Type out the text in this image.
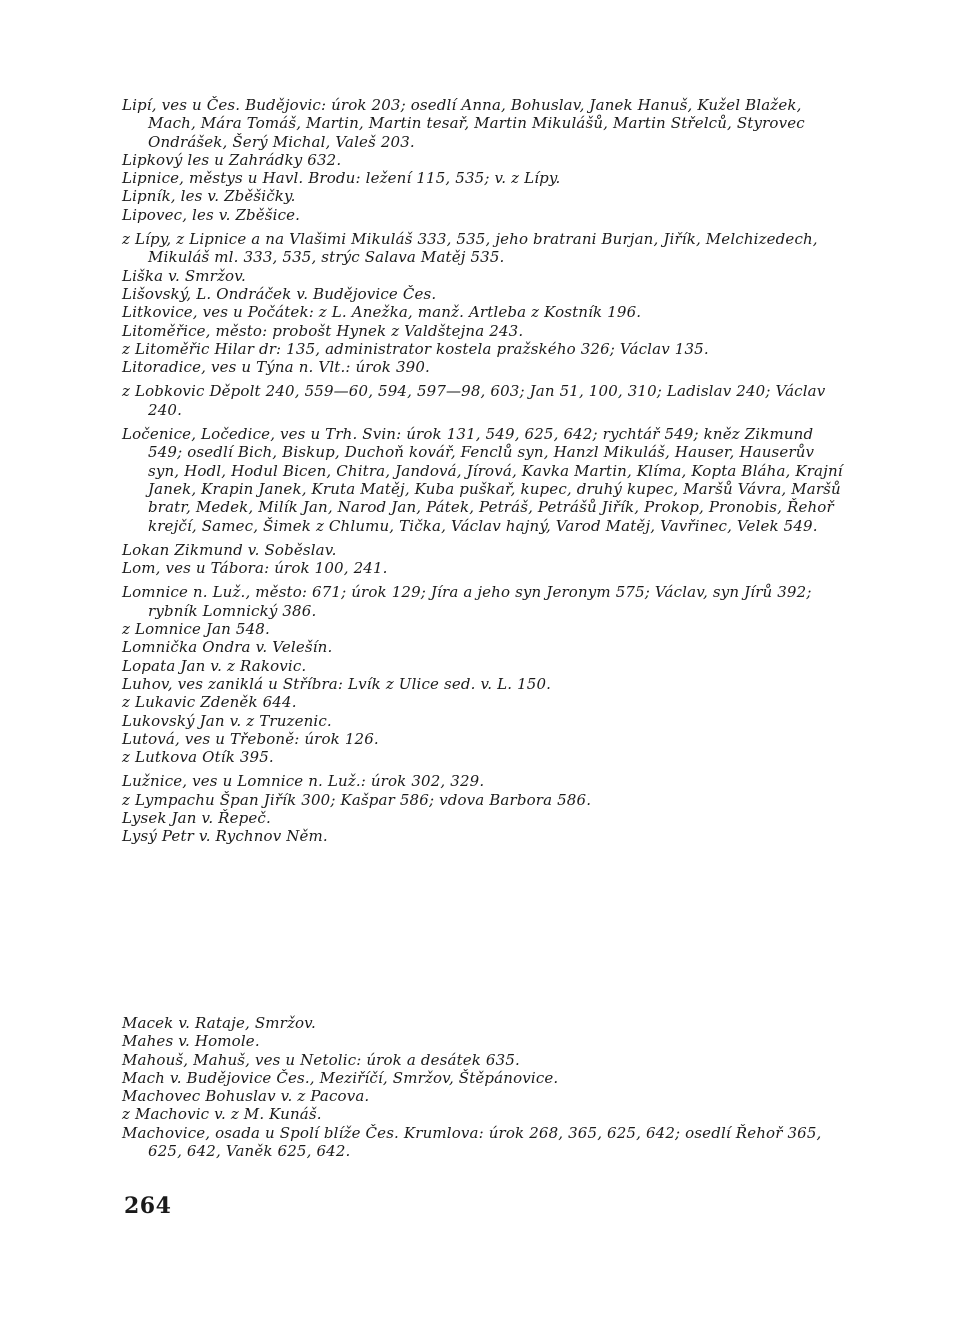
Lipí, ves u Čes. Budějovic: úrok 203; osedlí Anna, Bohuslav, Janek Hanuš, Kužel Blažek, Mach, Mára Tomáš, Martin, Martin tesař, Martin Mikulášů, Martin Střelců, Styrovec Ondrášek, Šerý Michal, Valeš 203.

Lipkový les u Zahrádky 632.

Lipnice, městys u Havl. Brodu: ležení 115, 535; v. z Lípy.

Lipník, les v. Zběšičky.

Lipovec, les v. Zběšice.

z Lípy, z Lipnice a na Vlašimi Mikuláš 333, 535, jeho bratrani Burjan, Jiřík, Melchizedech, Mikuláš ml. 333, 535, strýc Salava Matěj 535.

Liška v. Smržov.

Lišovský, L. Ondráček v. Budějovice Čes.

Litkovice, ves u Počátek: z L. Anežka, manž. Artleba z Kostník 196.

Litoměřice, město: probošt Hynek z Valdštejna 243.

z Litoměřic Hilar dr: 135, administrator kostela pražského 326; Václav 135.

Litoradice, ves u Týna n. Vlt.: úrok 390.

z Lobkovic Děpolt 240, 559—60, 594, 597—98, 603; Jan 51, 100, 310; Ladislav 240; Václav 240.

Ločenice, Ločedice, ves u Trh. Svin: úrok 131, 549, 625, 642; rychtář 549; kněz Zikmund 549; osedlí Bich, Biskup, Duchoň kovář, Fenclů syn, Hanzl Mikuláš, Hauser, Hauserův syn, Hodl, Hodul Bicen, Chitra, Jandová, Jírová, Kavka Martin, Klíma, Kopta Bláha, Krajní Janek, Krapin Janek, Kruta Matěj, Kuba puškař, kupec, druhý kupec, Maršů Vávra, Maršů bratr, Medek, Milík Jan, Narod Jan, Pátek, Petráš, Petrášů Jiřík, Prokop, Pronobis, Řehoř krejčí, Samec, Šimek z Chlumu, Tička, Václav hajný, Varod Matěj, Vavřinec, Velek 549.

Lokan Zikmund v. Soběslav.

Lom, ves u Tábora: úrok 100, 241.

Lomnice n. Luž., město: 671; úrok 129; Jíra a jeho syn Jeronym 575; Václav, syn Jírů 392; rybník Lomnický 386.

z Lomnice Jan 548.

Lomnička Ondra v. Velešín.

Lopata Jan v. z Rakovic.

Luhov, ves zaniklá u Stříbra: Lvík z Ulice sed. v. L. 150.

z Lukavic Zdeněk 644.

Lukovský Jan v. z Truzenic.

Lutová, ves u Třeboně: úrok 126.

z Lutkova Otík 395.

Lužnice, ves u Lomnice n. Luž.: úrok 302, 329.

z Lympachu Špan Jiřík 300; Kašpar 586; vdova Barbora 586.

Lysek Jan v. Řepeč.

Lysý Petr v. Rychnov Něm.

Macek v. Rataje, Smržov.

Mahes v. Homole.

Mahouš, Mahuš, ves u Netolic: úrok a desátek 635.

Mach v. Budějovice Čes., Meziříčí, Smržov, Štěpánovice.

Machovec Bohuslav v. z Pacova.

z Machovic v. z M. Kunáš.

Machovice, osada u Spolí blíže Čes. Krumlova: úrok 268, 365, 625, 642; osedlí Řehoř 365, 625, 642, Vaněk 625, 642.

264
